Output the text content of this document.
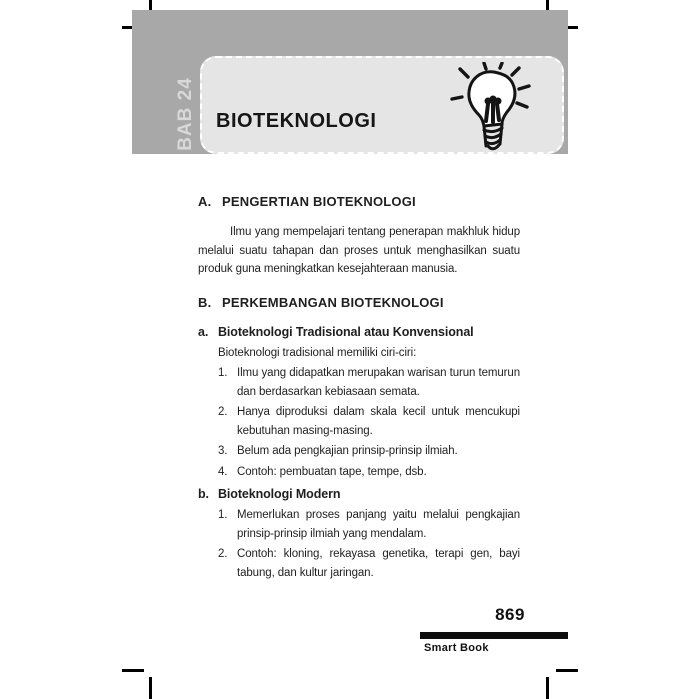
BAB 24 BIOTEKNOLOGI
A. PENGERTIAN BIOTEKNOLOGI

Ilmu yang mempelajari tentang penerapan makhluk hidup melalui suatu tahapan dan proses untuk menghasilkan suatu produk guna meningkatkan kesejahteraan manusia.

B. PERKEMBANGAN BIOTEKNOLOGI
a. Bioteknologi Tradisional atau Konvensional
Bioteknologi tradisional memiliki ciri-ciri:
1. Ilmu yang didapatkan merupakan warisan turun temurun dan berdasarkan kebiasaan semata.
2. Hanya diproduksi dalam skala kecil untuk mencukupi kebutuhan masing-masing.
3. Belum ada pengkajian prinsip-prinsip ilmiah.
4. Contoh: pembuatan tape, tempe, dsb.
b. Bioteknologi Modern
1. Memerlukan proses panjang yaitu melalui pengkajian prinsip-prinsip ilmiah yang mendalam.
2. Contoh: kloning, rekayasa genetika, terapi gen, bayi tabung, dan kultur jaringan.
869
Smart Book
